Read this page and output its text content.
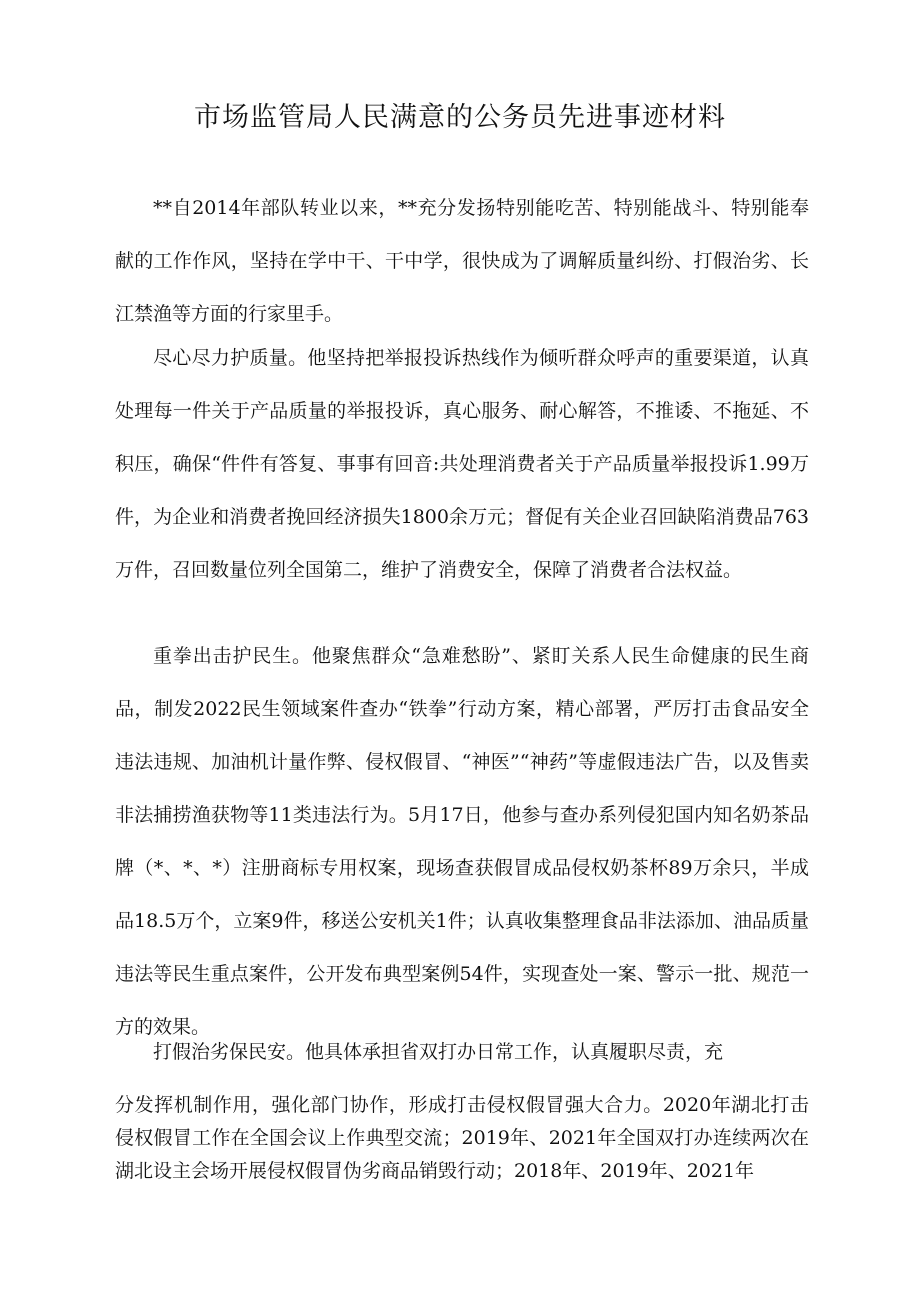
市场监管局人民满意的公务员先进事迹材料

**自2014年部队转业以来，**充分发扬特别能吃苦、特别能战斗、特别能奉献的工作作风，坚持在学中干、干中学，很快成为了调解质量纠纷、打假治劣、长江禁渔等方面的行家里手。

尽心尽力护质量。他坚持把举报投诉热线作为倾听群众呼声的重要渠道，认真处理每一件关于产品质量的举报投诉，真心服务、耐心解答，不推诿、不拖延、不积压，确保“件件有答复、事事有回音:共处理消费者关于产品质量举报投诉1.99万件，为企业和消费者挽回经济损失1800余万元；督促有关企业召回缺陷消费品763万件，召回数量位列全国第二，维护了消费安全，保障了消费者合法权益。

重拳出击护民生。他聚焦群众“急难愁盼”、紧盯关系人民生命健康的民生商品，制发2022民生领域案件查办“铁拳”行动方案，精心部署，严厉打击食品安全违法违规、加油机计量作弊、侵权假冒、“神医”“神药”等虚假违法广告，以及售卖非法捕捞渔获物等11类违法行为。5月17日，他参与查办系列侵犯国内知名奶茶品牌（*、*、*）注册商标专用权案，现场查获假冒成品侵权奶茶杯89万余只，半成品18.5万个，立案9件，移送公安机关1件；认真收集整理食品非法添加、油品质量违法等民生重点案件，公开发布典型案例54件，实现查处一案、警示一批、规范一方的效果。

打假治劣保民安。他具体承担省双打办日常工作，认真履职尽责，充
分发挥机制作用，强化部门协作，形成打击侵权假冒强大合力。2020年湖北打击侵权假冒工作在全国会议上作典型交流；2019年、2021年全国双打办连续两次在湖北设主会场开展侵权假冒伪劣商品销毁行动；2018年、2019年、2021年
